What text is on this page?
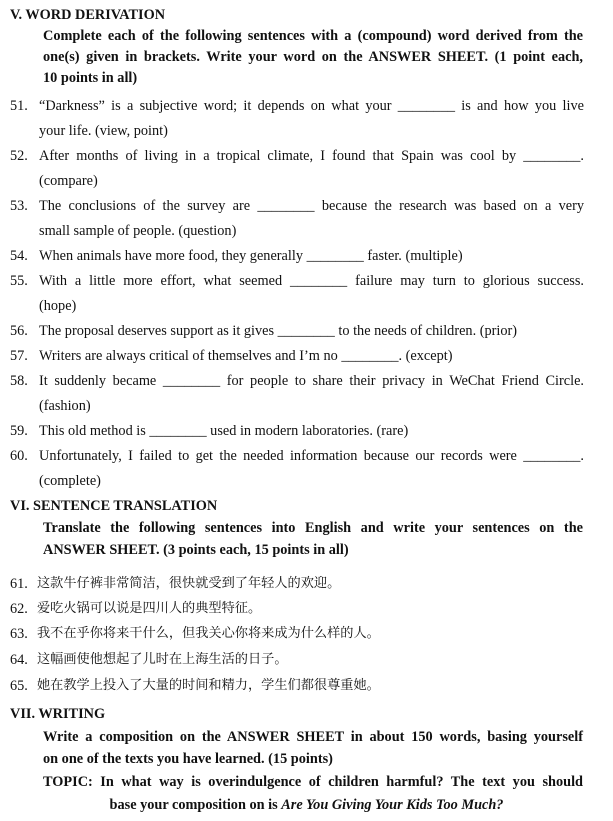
V. WORD DERIVATION
Complete each of the following sentences with a (compound) word derived from the
one(s) given in brackets. Write your word on the ANSWER SHEET. (1 point each,
10 points in all)
51. “Darkness” is a subjective word; it depends on what your ________ is and how you live
your life. (view, point)
52. After months of living in a tropical climate, I found that Spain was cool by ________.
(compare)
53. The conclusions of the survey are ________ because the research was based on a very
small sample of people. (question)
54. When animals have more food, they generally ________ faster. (multiple)
55. With a little more effort, what seemed ________ failure may turn to glorious success.
(hope)
56. The proposal deserves support as it gives ________ to the needs of children. (prior)
57. Writers are always critical of themselves and I’m no ________. (except)
58. It suddenly became ________ for people to share their privacy in WeChat Friend Circle.
(fashion)
59. This old method is ________ used in modern laboratories. (rare)
60. Unfortunately, I failed to get the needed information because our records were ________.
(complete)
VI. SENTENCE TRANSLATION
Translate the following sentences into English and write your sentences on the
ANSWER SHEET. (3 points each, 15 points in all)
61. 这款牛仔裤非常简洁，很快就受到了年轻人的欢迎。
62. 爱吃火锅可以说是四川人的典型特征。
63. 我不在乎你将来干什么，但我关心你将来成为什么样的人。
64. 这幅画使他想起了儿时在上海生活的日子。
65. 她在教学上投入了大量的时间和精力，学生们都很尊重她。
VII. WRITING
Write a composition on the ANSWER SHEET in about 150 words, basing yourself
on one of the texts you have learned. (15 points)
TOPIC: In what way is overindulgence of children harmful? The text you should
base your composition on is Are You Giving Your Kids Too Much?
